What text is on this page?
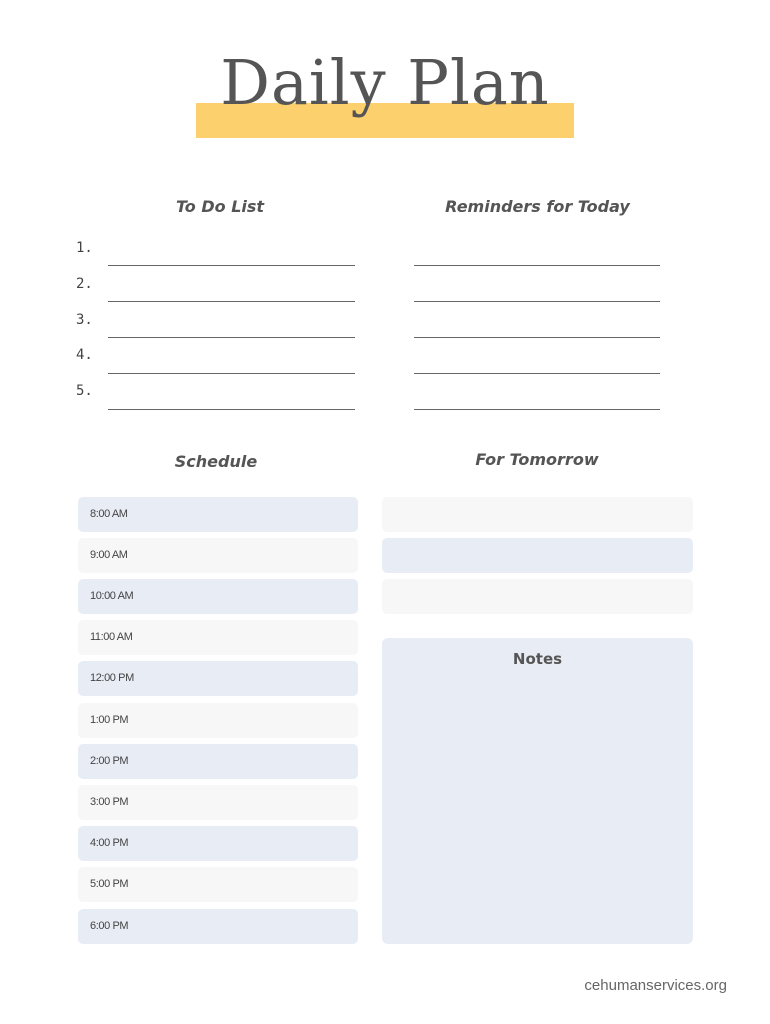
Daily Plan
To Do List
1.
2.
3.
4.
5.
Reminders for Today
Schedule
8:00 AM
9:00 AM
10:00 AM
11:00 AM
12:00 PM
1:00 PM
2:00 PM
3:00 PM
4:00 PM
5:00 PM
6:00 PM
For Tomorrow
Notes
cehumanservices.org
